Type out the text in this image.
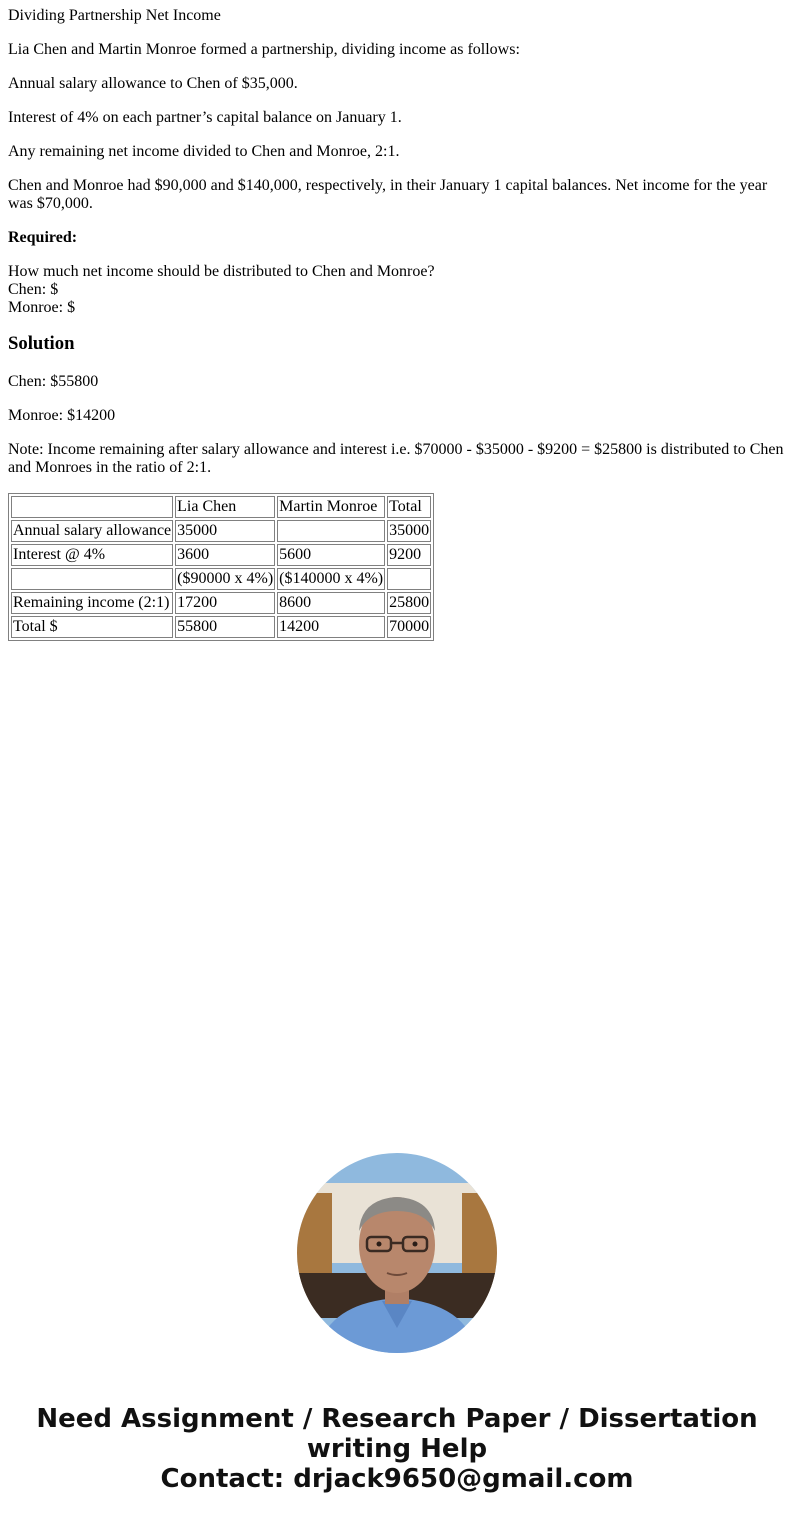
Dividing Partnership Net Income

Lia Chen and Martin Monroe formed a partnership, dividing income as follows:

Annual salary allowance to Chen of $35,000.

Interest of 4% on each partner’s capital balance on January 1.

Any remaining net income divided to Chen and Monroe, 2:1.

Chen and Monroe had $90,000 and $140,000, respectively, in their January 1 capital balances. Net income for the year was $70,000.

Required:

How much net income should be distributed to Chen and Monroe?
Chen: $
Monroe: $

Solution

Chen: $55800

Monroe: $14200

Note: Income remaining after salary allowance and interest i.e. $70000 - $35000 - $9200 = $25800 is distributed to Chen and Monroes in the ratio of 2:1.

	Lia Chen	Martin Monroe	Total
Annual salary allowance	35000		35000
Interest @ 4%	3600	5600	9200
	($90000 x 4%)	($140000 x 4%)	
Remaining income (2:1)	17200	8600	25800
Total $	55800	14200	70000
Need Assignment / Research Paper / Dissertation
writing Help
Contact: drjack9650@gmail.com
